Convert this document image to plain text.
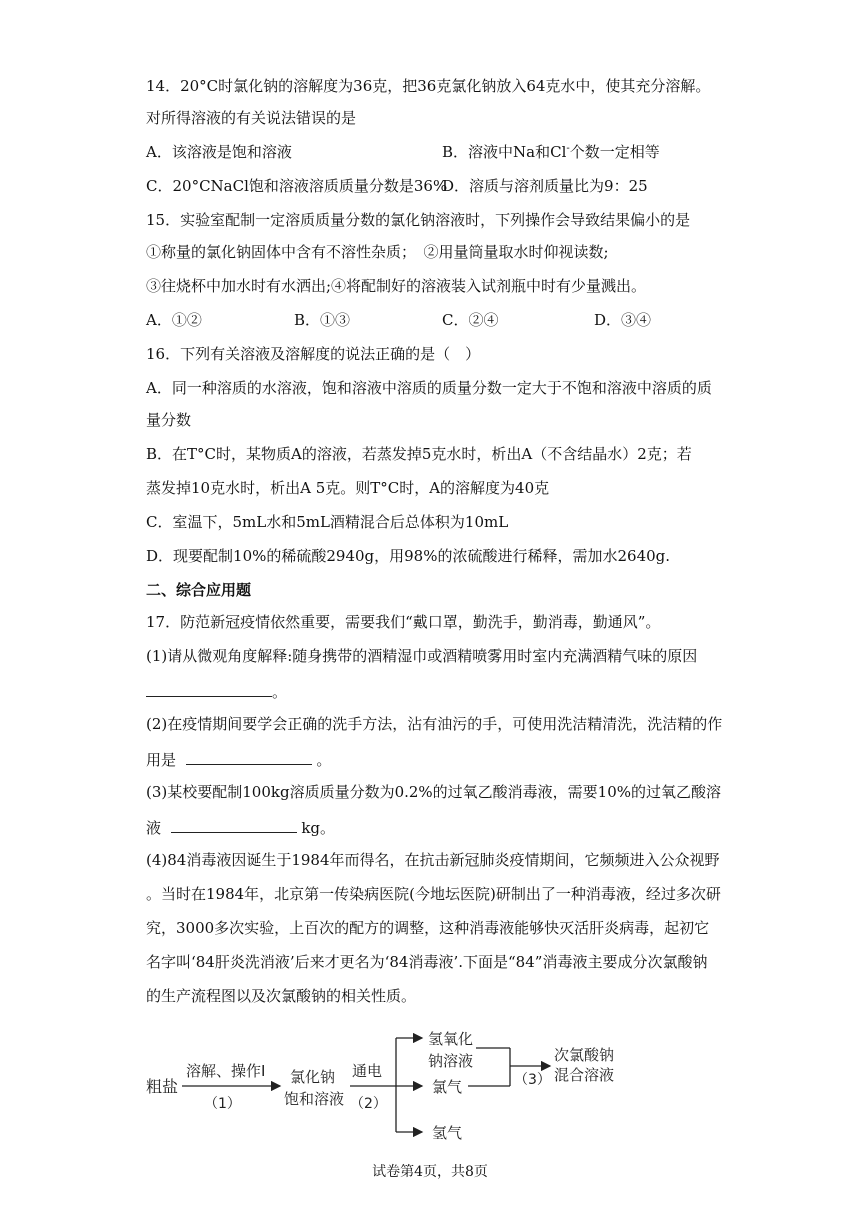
14．20°C时氯化钠的溶解度为36克，把36克氯化钠放入64克水中，使其充分溶解。
对所得溶液的有关说法错误的是
A．该溶液是饱和溶液	B．溶液中Na和Cl-个数一定相等
C．20°CNaCl饱和溶液溶质质量分数是36%
D．溶质与溶剂质量比为9：25
15．实验室配制一定溶质质量分数的氯化钠溶液时，下列操作会导致结果偏小的是
①称量的氯化钠固体中含有不溶性杂质；　②用量筒量取水时仰视读数;
③往烧杯中加水时有水洒出;④将配制好的溶液装入试剂瓶中时有少量溅出。
A．①②	B．①③	C．②④	D．③④
16．下列有关溶液及溶解度的说法正确的是（　）
A．同一种溶质的水溶液，饱和溶液中溶质的质量分数一定大于不饱和溶液中溶质的质
量分数
B．在T°C时，某物质A的溶液，若蒸发掉5克水时，析出A（不含结晶水）2克；若
蒸发掉10克水时，析出A 5克。则T°C时，A的溶解度为40克
C．室温下，5mL水和5mL酒精混合后总体积为10mL
D．现要配制10%的稀硫酸2940g，用98%的浓硫酸进行稀释，需加水2640g.
二、综合应用题
17．防范新冠疫情依然重要，需要我们“戴口罩，勤洗手，勤消毒，勤通风”。
(1)请从微观角度解释:随身携带的酒精湿巾或酒精喷雾用时室内充满酒精气味的原因
。
(2)在疫情期间要学会正确的洗手方法，沾有油污的手，可使用洗洁精清洗，洗洁精的作
用是	。
(3)某校要配制100kg溶质质量分数为0.2%的过氧乙酸消毒液，需要10%的过氧乙酸溶
液	kg。
(4)84消毒液因诞生于1984年而得名，在抗击新冠肺炎疫情期间，它频频进入公众视野
。当时在1984年，北京第一传染病医院(今地坛医院)研制出了一种消毒液，经过多次研
究，3000多次实验，上百次的配方的调整，这种消毒液能够快灭活肝炎病毒，起初它
名字叫‘84肝炎洗消液’后来才更名为‘84消毒液’.下面是“84”消毒液主要成分次氯酸钠
的生产流程图以及次氯酸钠的相关性质。
粗盐
溶解、操作I
（1）
氯化钠
饱和溶液
通电
（2）
氢氧化
钠溶液
氯气
氢气
（3）
次氯酸钠
混合溶液
试卷第4页，共8页
